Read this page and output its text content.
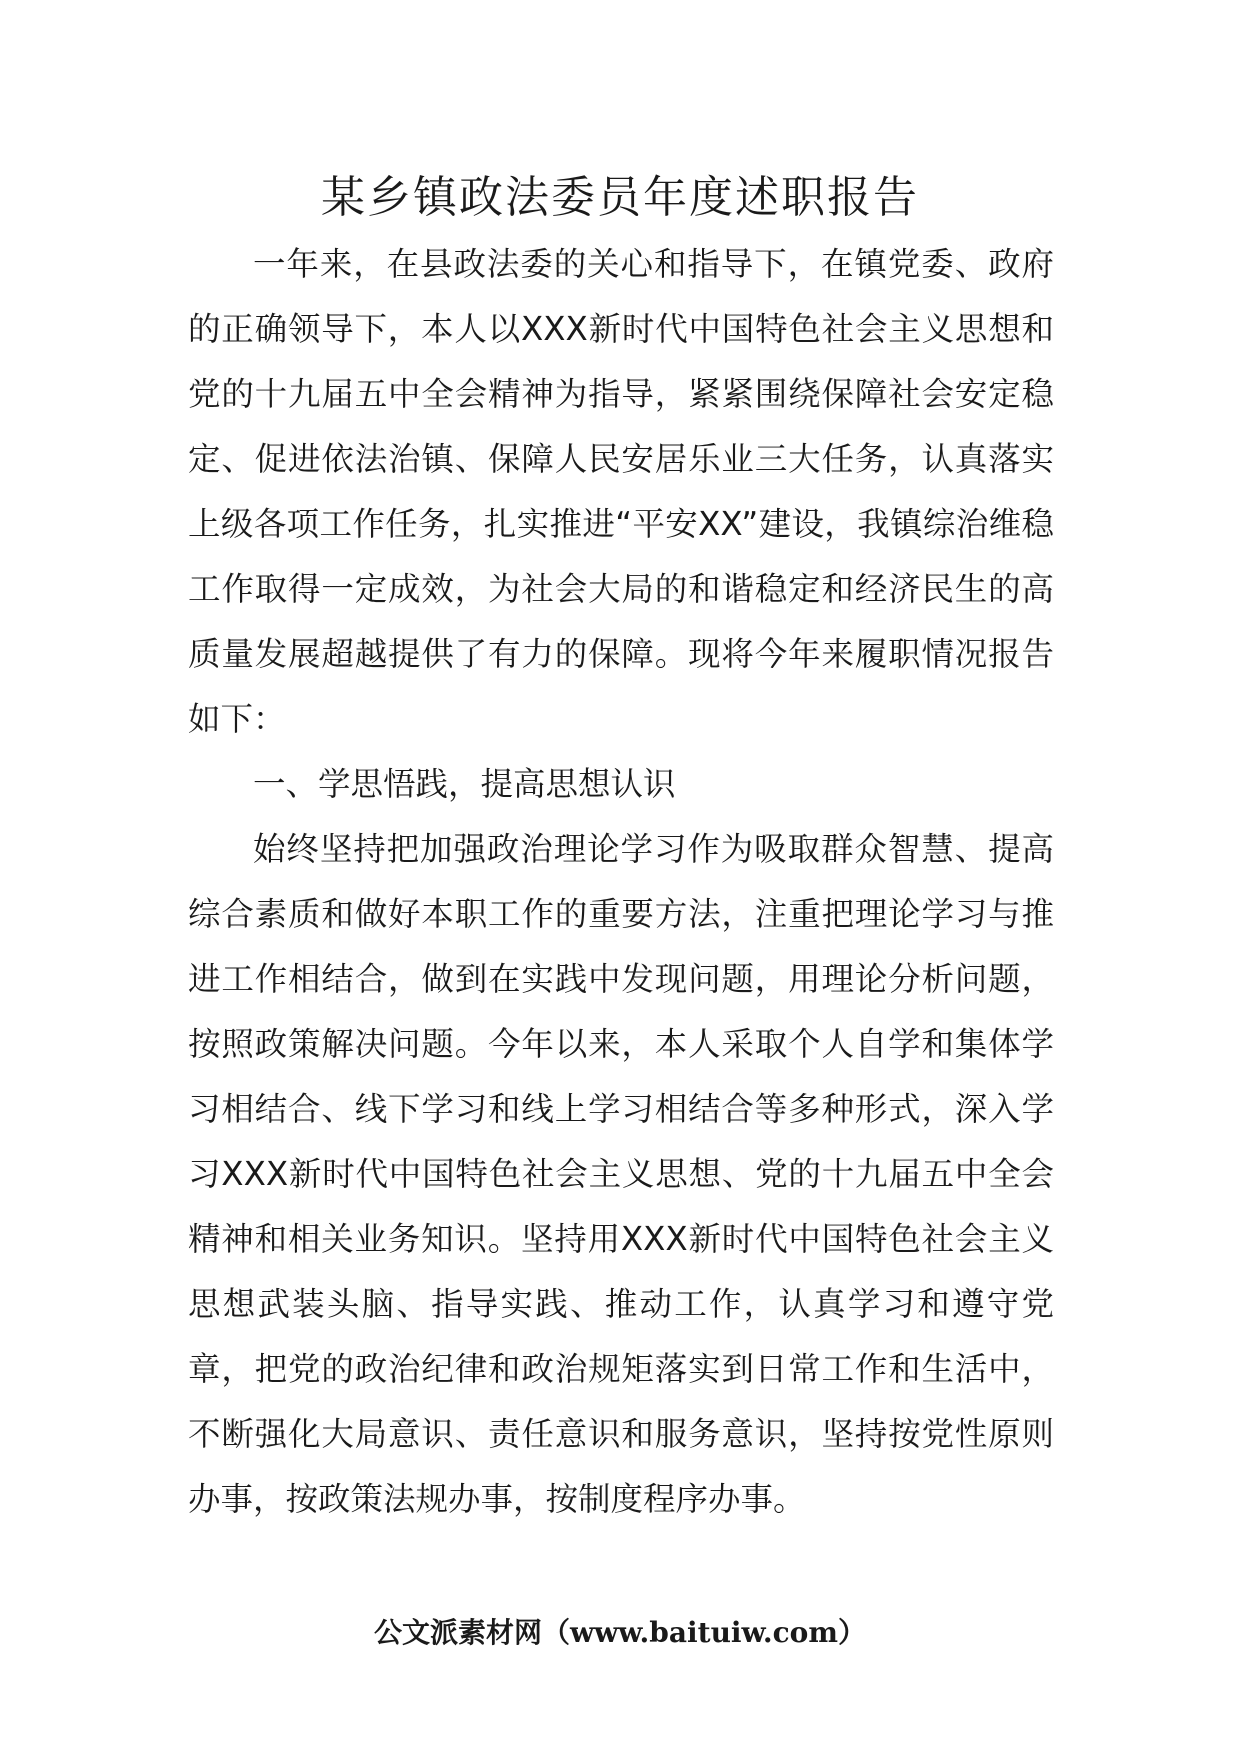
某乡镇政法委员年度述职报告

一年来，在县政法委的关心和指导下，在镇党委、政府的正确领导下，本人以XXX新时代中国特色社会主义思想和党的十九届五中全会精神为指导，紧紧围绕保障社会安定稳定、促进依法治镇、保障人民安居乐业三大任务，认真落实上级各项工作任务，扎实推进“平安XX”建设，我镇综治维稳工作取得一定成效，为社会大局的和谐稳定和经济民生的高质量发展超越提供了有力的保障。现将今年来履职情况报告如下：

一、学思悟践，提高思想认识

始终坚持把加强政治理论学习作为吸取群众智慧、提高综合素质和做好本职工作的重要方法，注重把理论学习与推进工作相结合，做到在实践中发现问题，用理论分析问题，按照政策解决问题。今年以来，本人采取个人自学和集体学习相结合、线下学习和线上学习相结合等多种形式，深入学习XXX新时代中国特色社会主义思想、党的十九届五中全会精神和相关业务知识。坚持用XXX新时代中国特色社会主义思想武装头脑、指导实践、推动工作，认真学习和遵守党章，把党的政治纪律和政治规矩落实到日常工作和生活中，不断强化大局意识、责任意识和服务意识，坚持按党性原则办事，按政策法规办事，按制度程序办事。

公文派素材网（www.baituiw.com）
